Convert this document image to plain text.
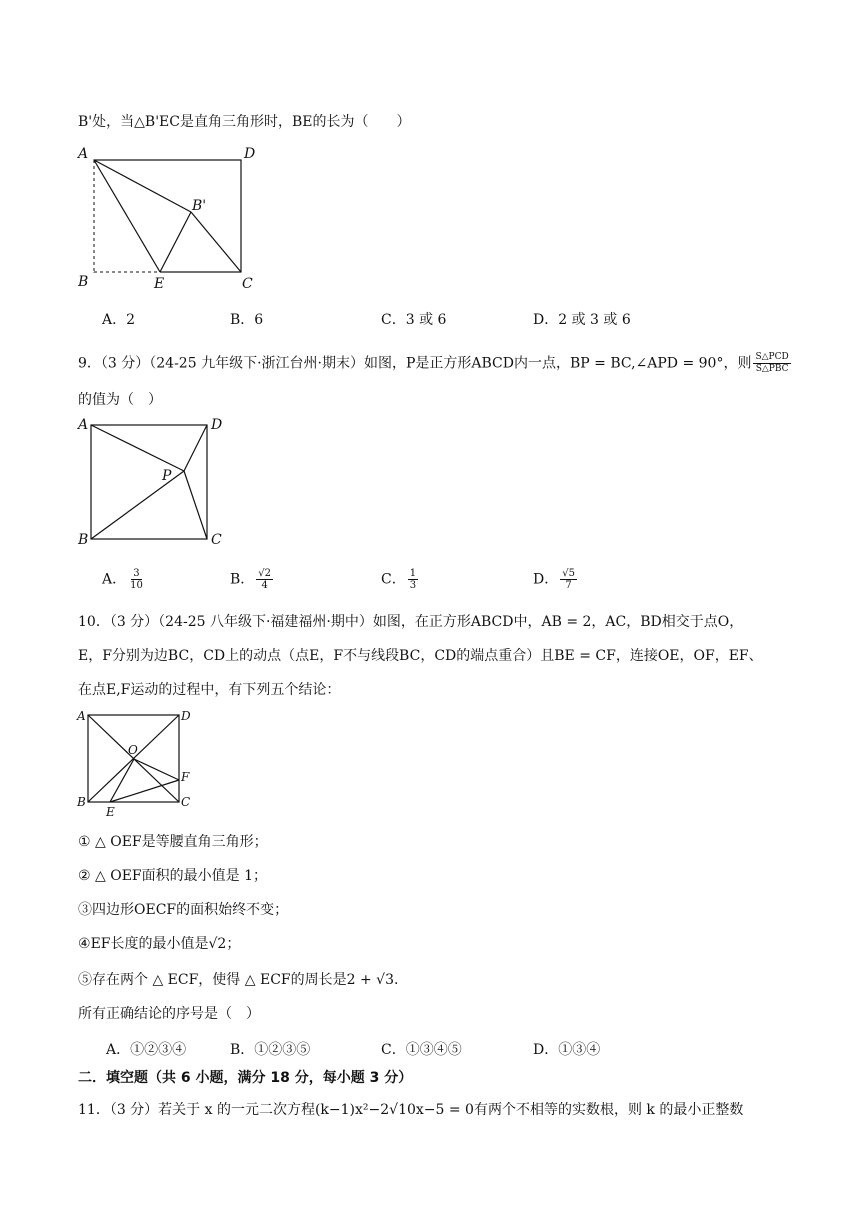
B'处，当△B'EC是直角三角形时，BE的长为（　　）
A	D
B'
B	E	C
A．2	B．6	C．3 或 6	D．2 或 3 或 6
9．（3 分）（24-25 九年级下·浙江台州·期末）如图，P是正方形ABCD内一点，BP = BC,∠APD = 90°，则 $\frac{\text{S△PCD}}{\text{S△PBC}}$
的值为（　）
A	D
P
B	C
A． $\frac{3}{10}$	B． $\frac{√2}{4}$	C． $\frac{1}{3}$	D． $\frac{√5}{7}$
10．（3 分）（24-25 八年级下·福建福州·期中）如图，在正方形ABCD中，AB = 2，AC，BD相交于点O，
E，F分别为边BC，CD上的动点（点E，F不与线段BC，CD的端点重合）且BE = CF，连接OE，OF，EF、
在点E,F运动的过程中，有下列五个结论：
A	D
O
F
B
E
C
① △ OEF是等腰直角三角形；
② △ OEF面积的最小值是 1；
③四边形OECF的面积始终不变；
④EF长度的最小值是√2；
⑤存在两个 △ ECF，使得 △ ECF的周长是2 + √3.
所有正确结论的序号是（　）
A．①②③④	B．①②③⑤	C．①③④⑤	D．①③④
二．填空题（共 6 小题，满分 18 分，每小题 3 分）
11．（3 分）若关于 x 的一元二次方程(k−1)x²−2√10x−5 = 0有两个不相等的实数根，则 k 的最小正整数
